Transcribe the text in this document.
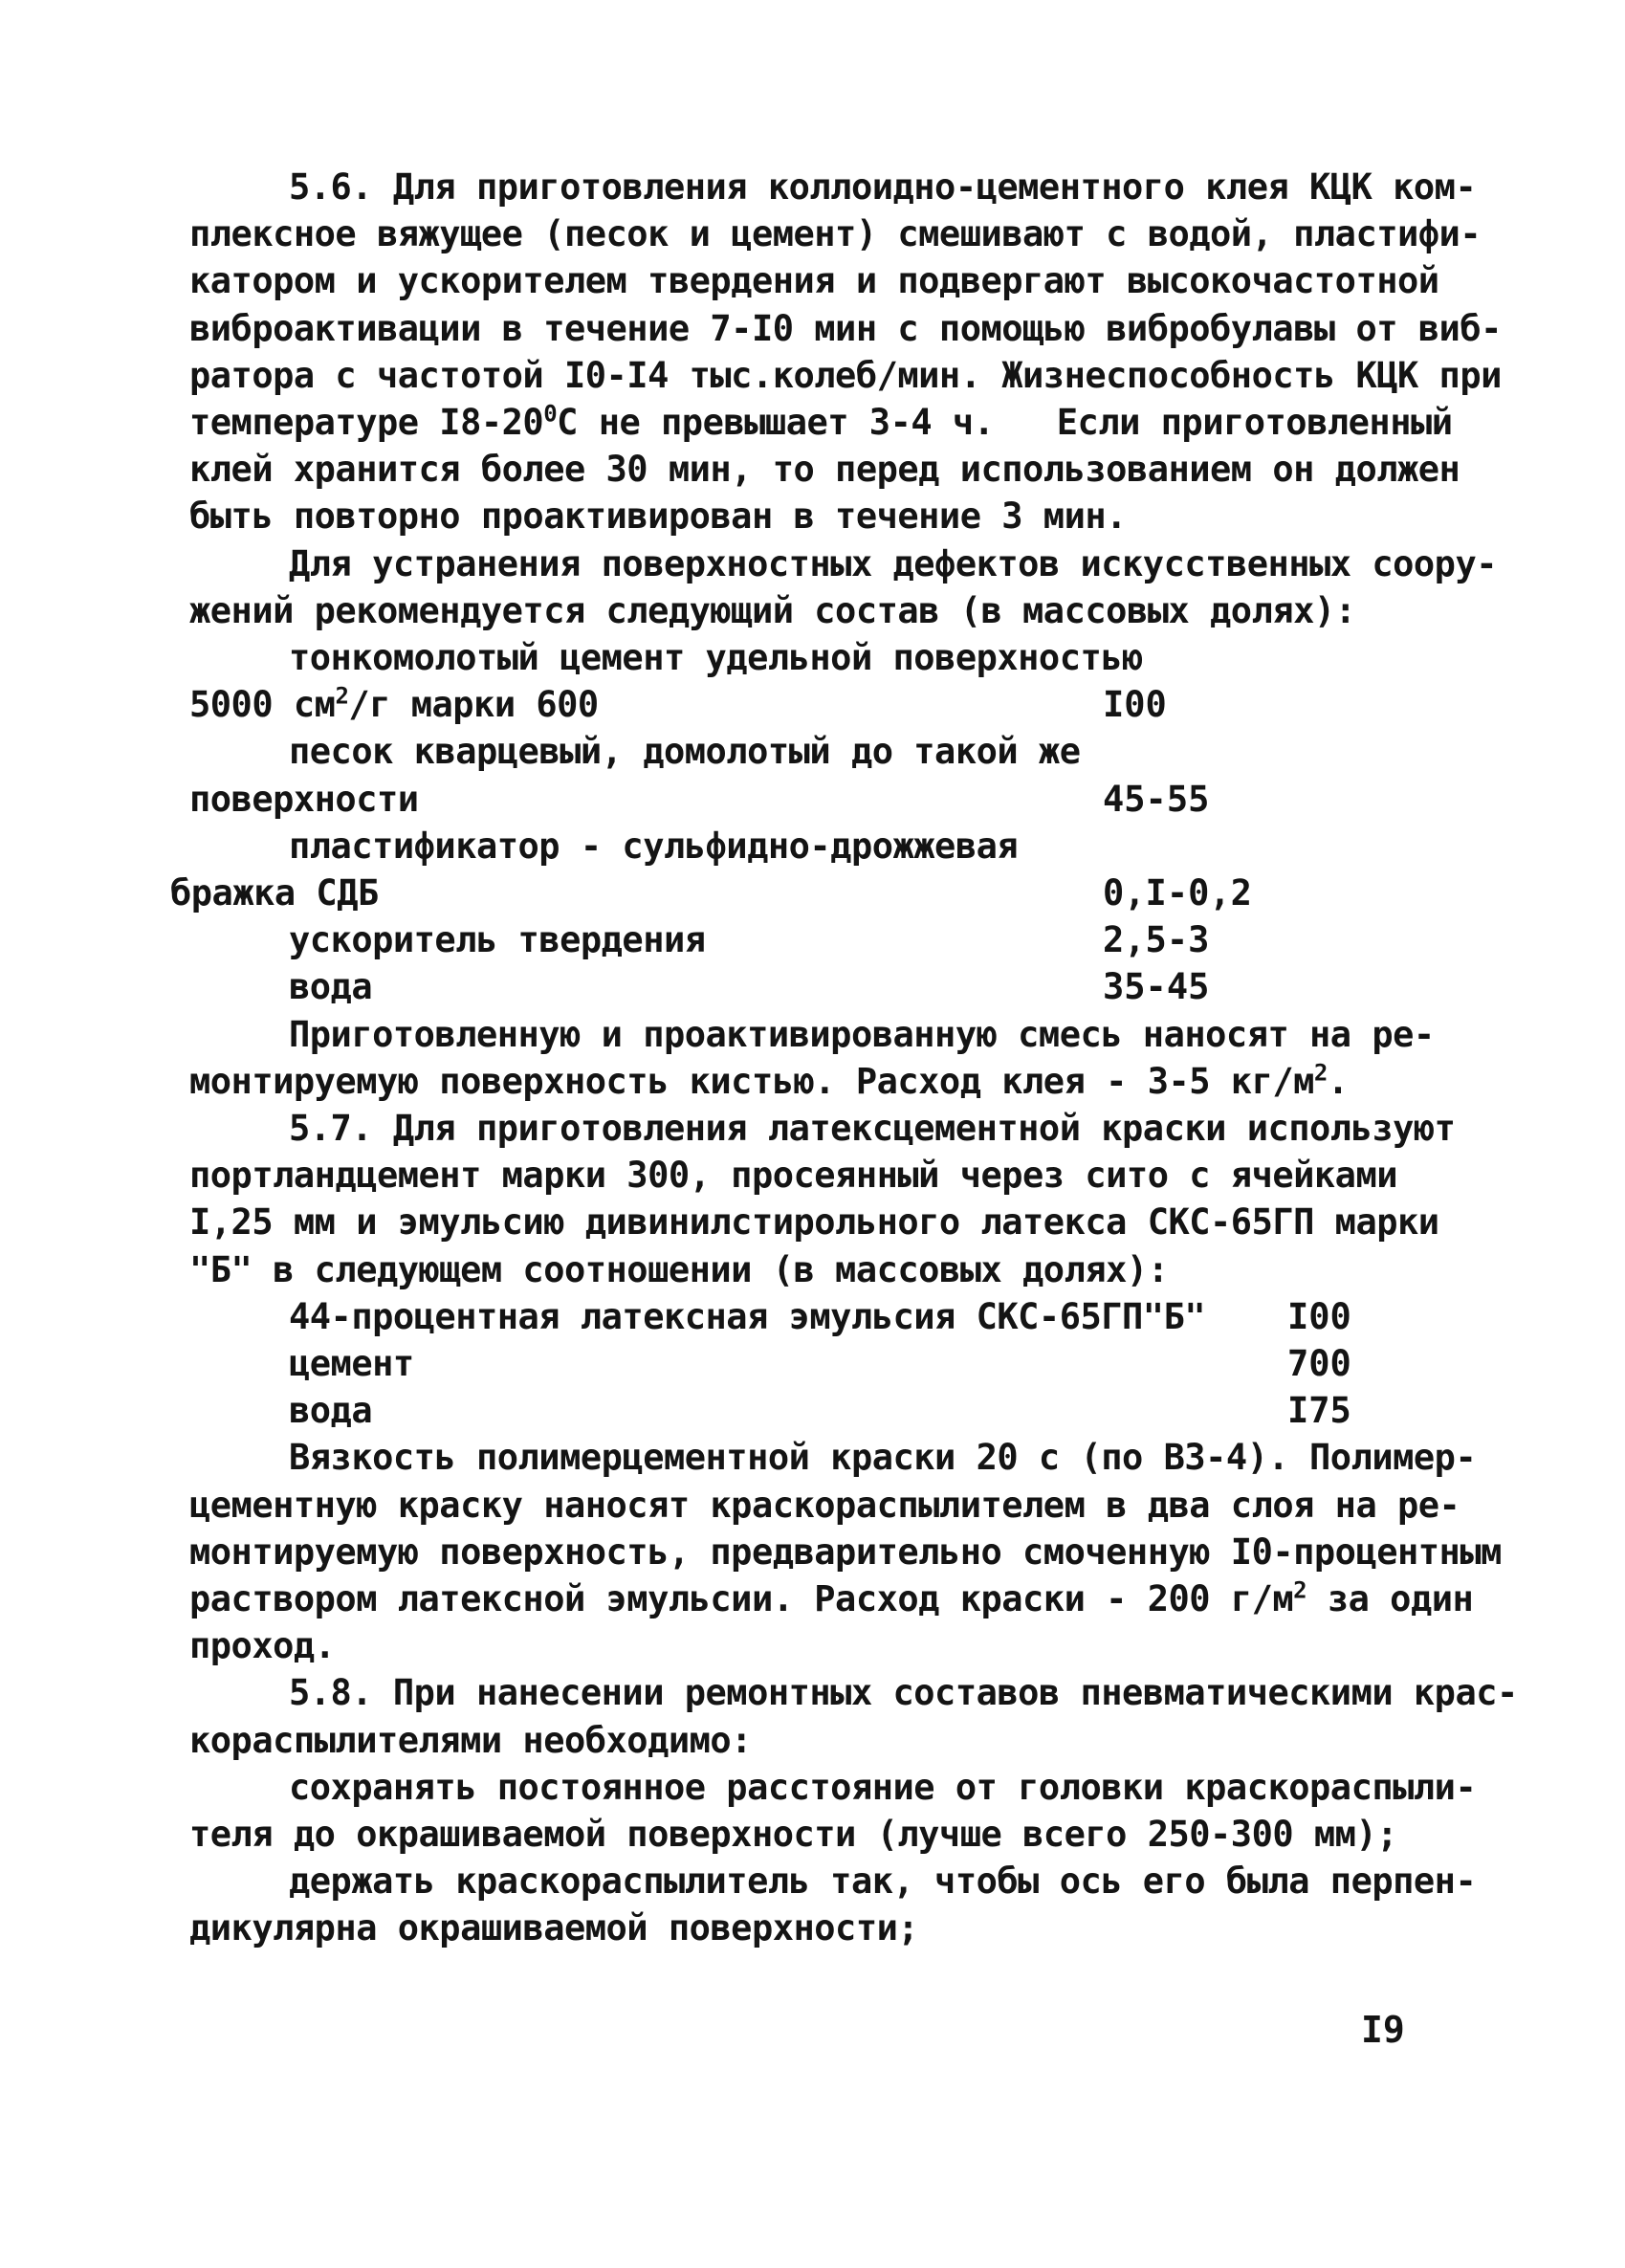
5.6. Для приготовления коллоидно-цементного клея КЦК ком-
плексное вяжущее (песок и цемент) смешивают с водой, пластифи-
катором и ускорителем твердения и подвергают высокочастотной
виброактивации в течение 7-I0 мин с помощью вибробулавы от виб-
ратора с частотой I0-I4 тыс.колеб/мин. Жизнеспособность КЦК при
температуре $I8-20^0С$ не превышает 3-4 ч.   Если приготовленный
клей хранится более 30 мин, то перед использованием он должен
быть повторно проактивирован в течение 3 мин.
Для устранения поверхностных дефектов искусственных соору-
жений рекомендуется следующий состав (в массовых долях):
тонкомолотый цемент удельной поверхностью
5000 $см^2/г$ марки 600	I00
песок кварцевый, домолотый до такой же
поверхности	45-55
пластификатор - сульфидно-дрожжевая
бражка СДБ	0,I-0,2
ускоритель твердения	2,5-3
вода	35-45
Приготовленную и проактивированную смесь наносят на ре-
монтируемую поверхность кистью. Расход клея - 3-5 $кг/м^2$.
5.7. Для приготовления латексцементной краски используют
портландцемент марки 300, просеянный через сито с ячейками
I,25 мм и эмульсию дивинилстирольного латекса СКС-65ГП марки
"Б" в следующем соотношении (в массовых долях):
44-процентная латексная эмульсия СКС-65ГП"Б" I00
цемент	700
вода	I75
Вязкость полимерцементной краски 20 с (по ВЗ-4). Полимер-
цементную краску наносят краскораспылителем в два слоя на ре-
монтируемую поверхность, предварительно смоченную I0-процентным
раствором латексной эмульсии. Расход краски - 200 $г/м^2$ за один
проход.
5.8. При нанесении ремонтных составов пневматическими крас-
кораспылителями необходимо:
сохранять постоянное расстояние от головки краскораспыли-
теля до окрашиваемой поверхности (лучше всего 250-300 мм);
держать краскораспылитель так, чтобы ось его была перпен-
дикулярна окрашиваемой поверхности;
I9
